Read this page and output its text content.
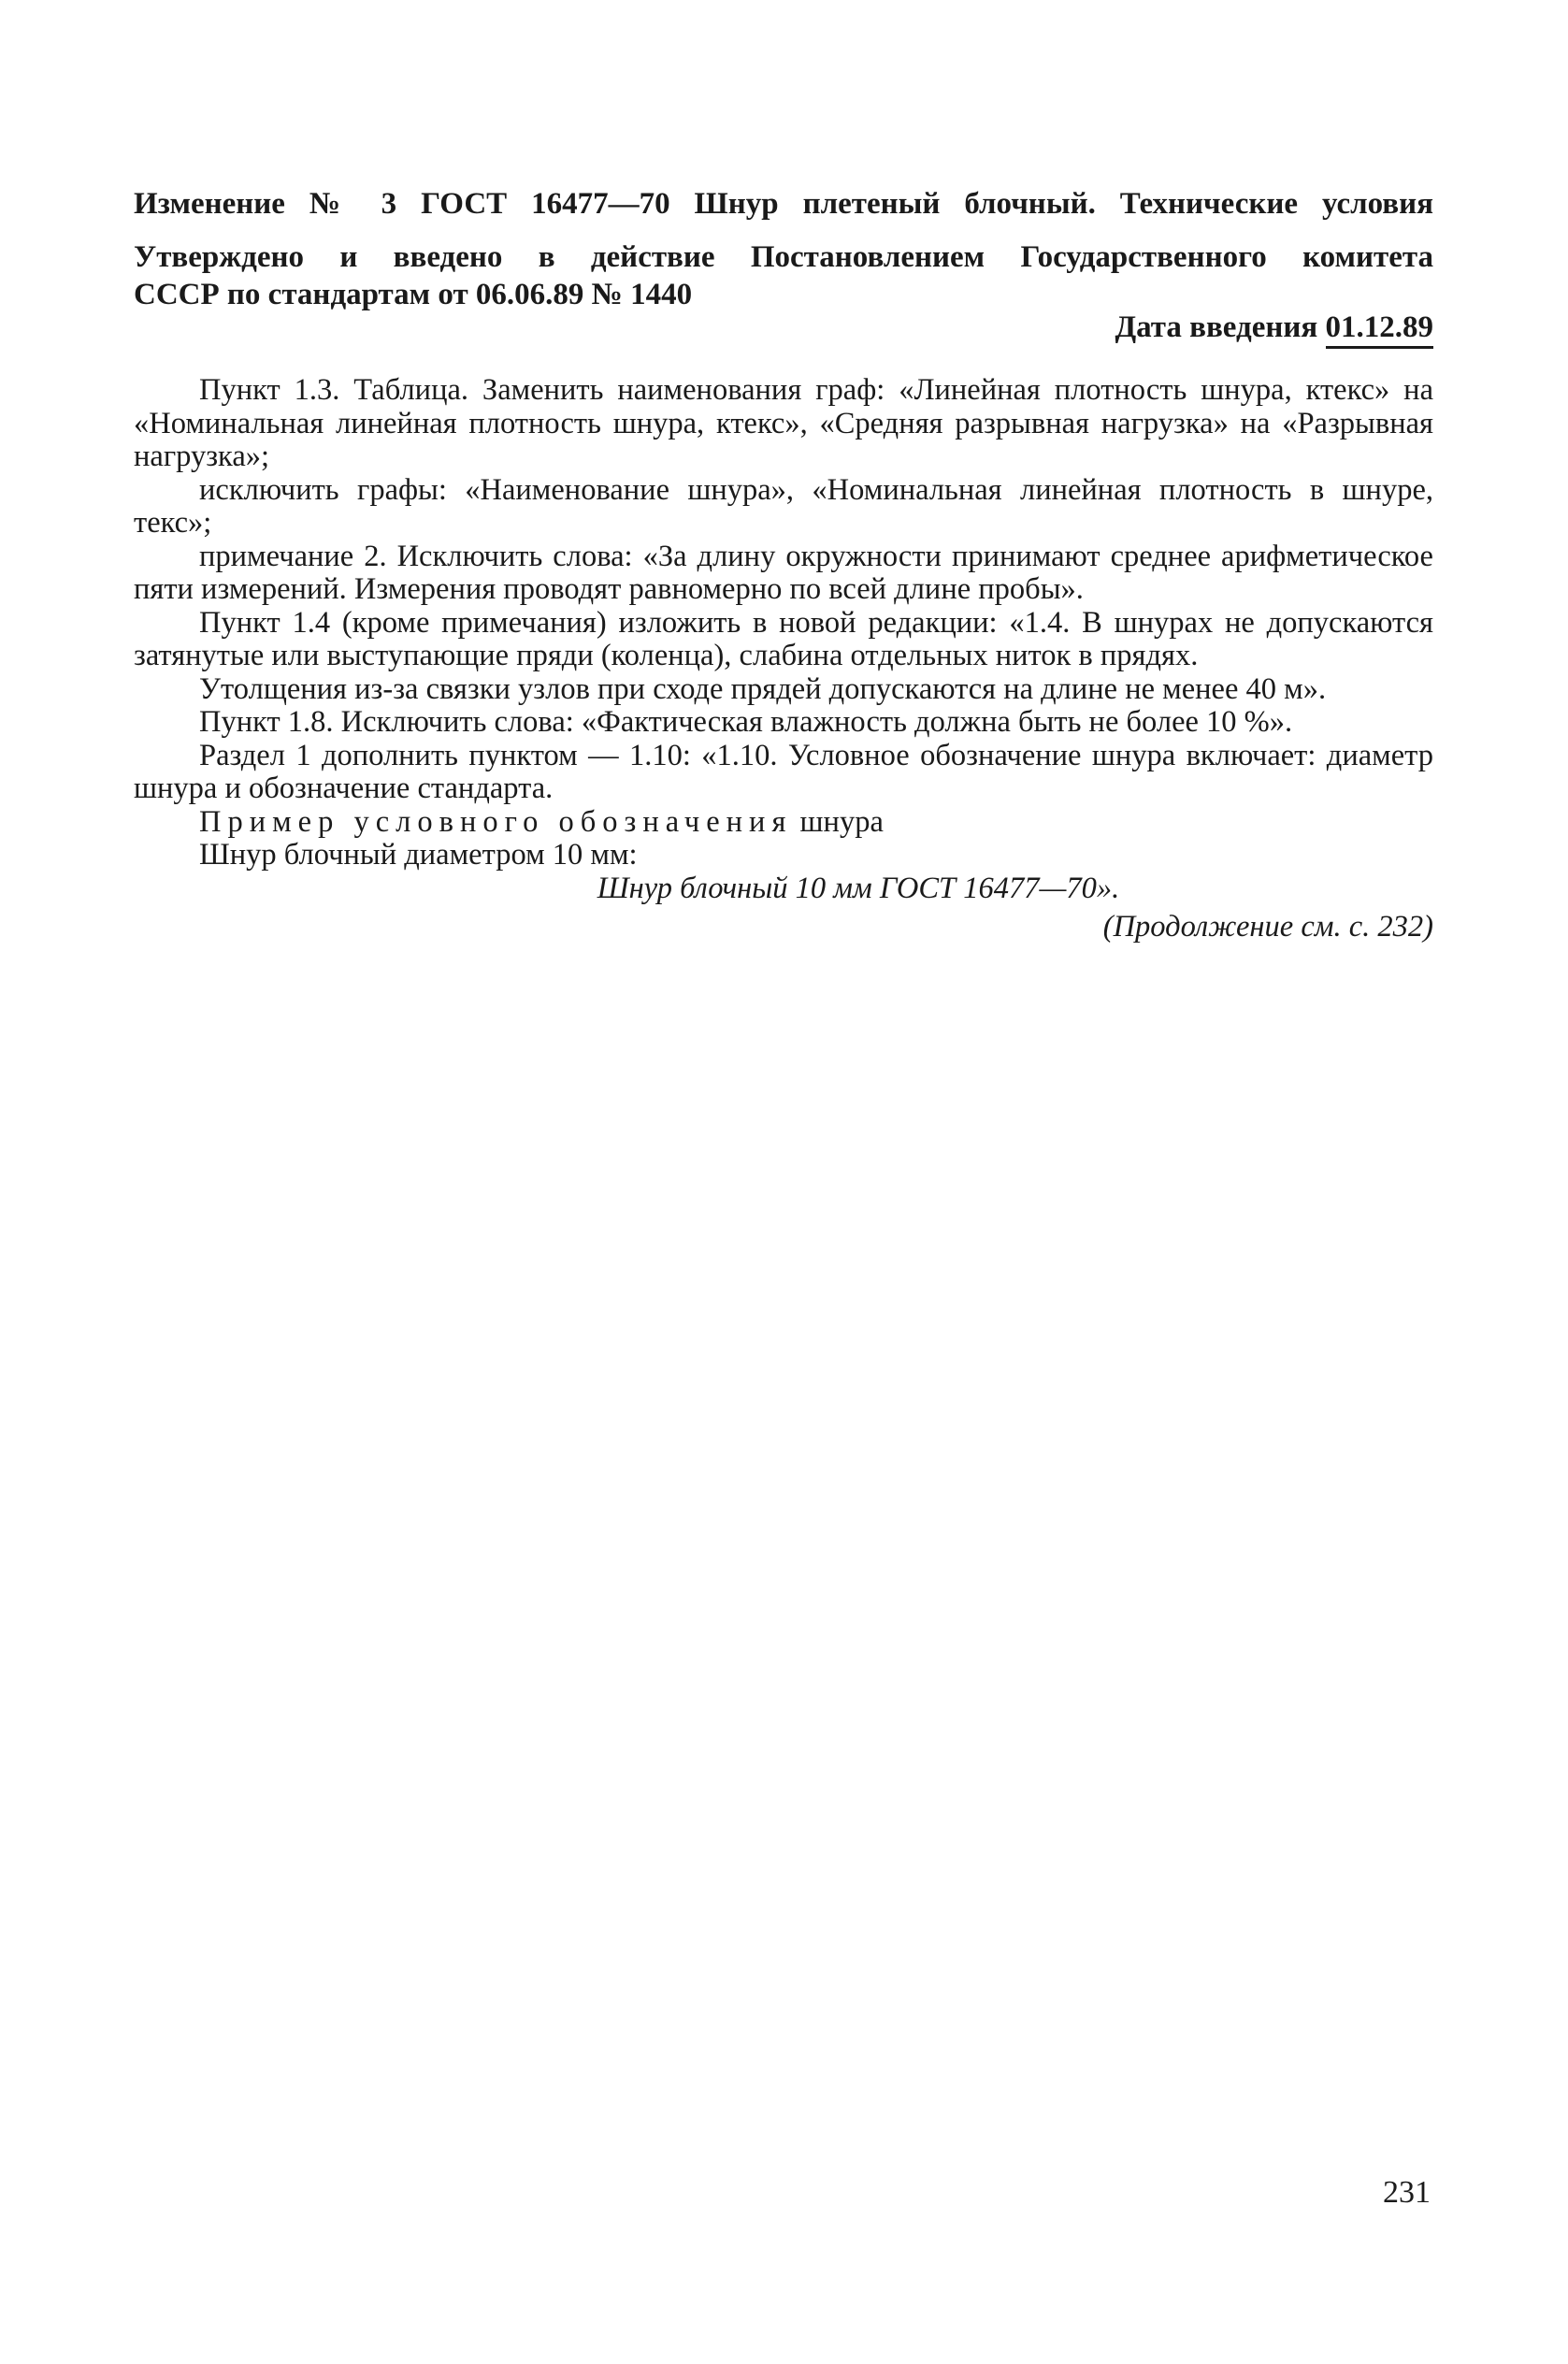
Изменение № 3 ГОСТ 16477—70 Шнур плетеный блочный. Технические условия
Утверждено и введено в действие Постановлением Государственного комитета
СССР по стандартам от 06.06.89 № 1440
Дата введения 01.12.89

Пункт 1.3. Таблица. Заменить наименования граф: «Линейная плотность шнура, ктекс» на «Номинальная линейная плотность шнура, ктекс», «Средняя разрывная нагрузка» на «Разрывная нагрузка»;

исключить графы: «Наименование шнура», «Номинальная линейная плотность в шнуре, текс»;

примечание 2. Исключить слова: «За длину окружности принимают среднее арифметическое пяти измерений. Измерения проводят равномерно по всей длине пробы».

Пункт 1.4 (кроме примечания) изложить в новой редакции: «1.4. В шнурах не допускаются затянутые или выступающие пряди (коленца), слабина отдельных ниток в прядях.

Утолщения из-за связки узлов при сходе прядей допускаются на длине не менее 40 м».

Пункт 1.8. Исключить слова: «Фактическая влажность должна быть не более 10 %».

Раздел 1 дополнить пунктом — 1.10: «1.10. Условное обозначение шнура включает: диаметр шнура и обозначение стандарта.

Пример условного обозначения шнура

Шнур блочный диаметром 10 мм:

Шнур блочный 10 мм ГОСТ 16477—70».

(Продолжение см. с. 232)

231
